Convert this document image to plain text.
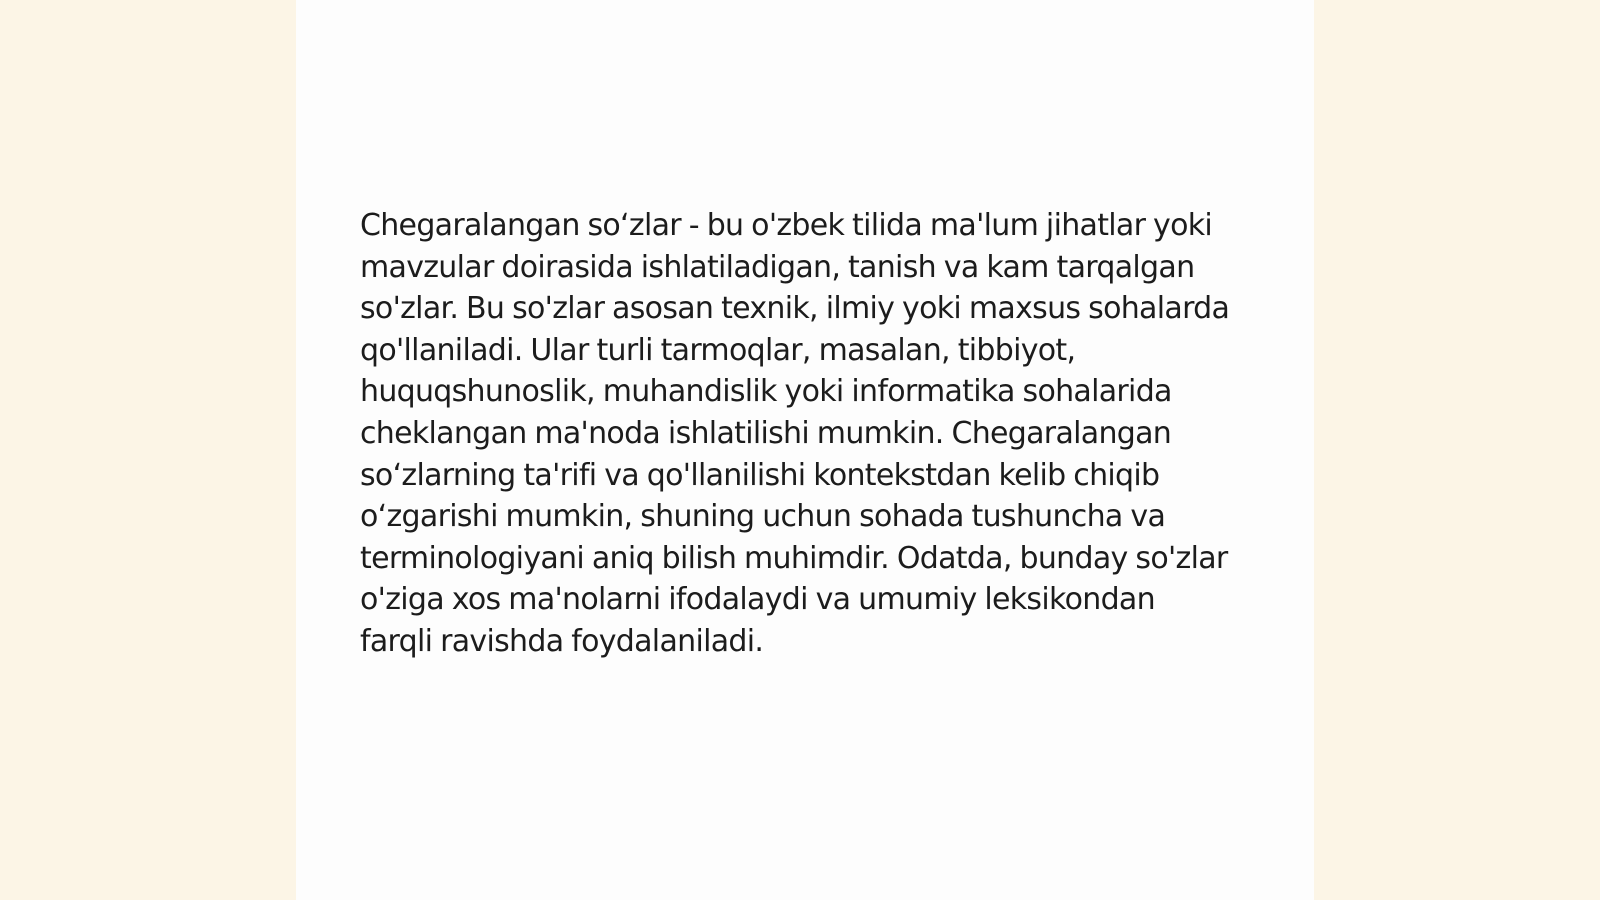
Chegaralangan so‘zlar - bu o'zbek tilida ma'lum jihatlar yoki mavzular doirasida ishlatiladigan, tanish va kam tarqalgan so'zlar. Bu so'zlar asosan texnik, ilmiy yoki maxsus sohalarda qo'llaniladi. Ular turli tarmoqlar, masalan, tibbiyot, huquqshunoslik, muhandislik yoki informatika sohalarida cheklangan ma'noda ishlatilishi mumkin. Chegaralangan so‘zlarning ta'rifi va qo'llanilishi kontekstdan kelib chiqib o‘zgarishi mumkin, shuning uchun sohada tushuncha va terminologiyani aniq bilish muhimdir. Odatda, bunday so'zlar o'ziga xos ma'nolarni ifodalaydi va umumiy leksikondan farqli ravishda foydalaniladi.
